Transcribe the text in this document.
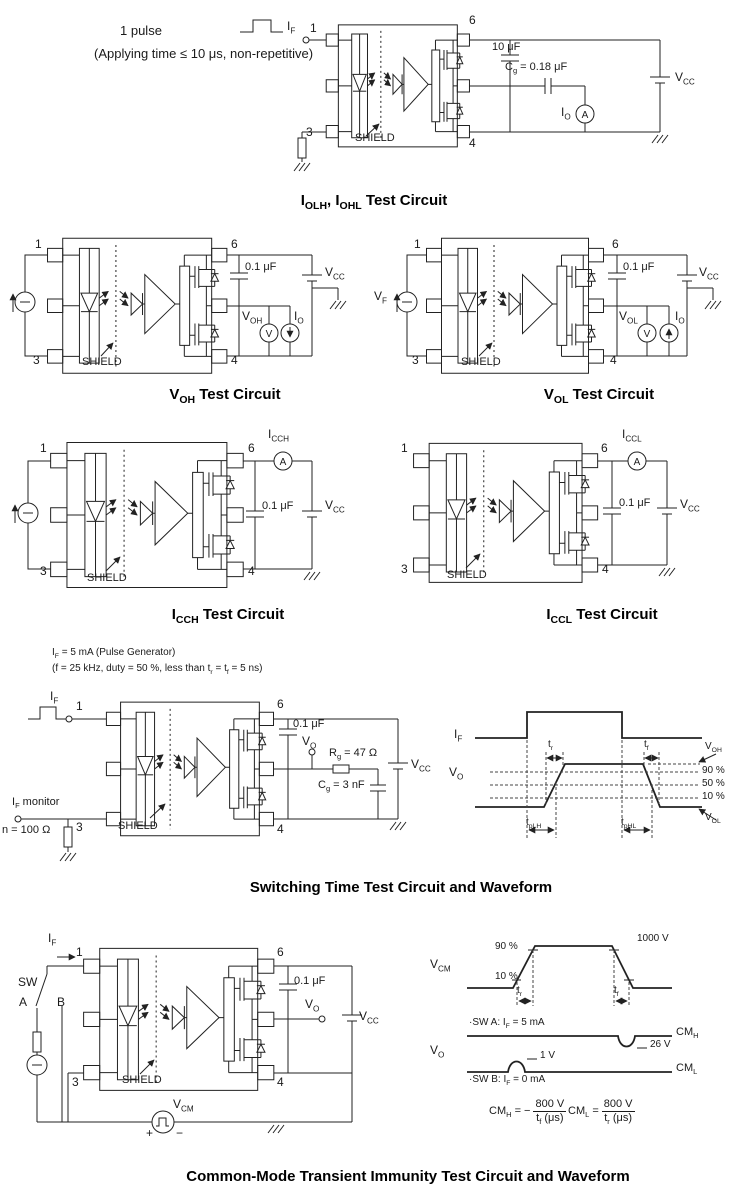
A
V	V
A	A
1 pulse
(Applying time ≤ 10 μs, non-repetitive)
$I_F$ 1
3
6
4
SHIELD
10 μF
$C_g = 0.18$ μF
$I_O$
$V_{CC}$
$I_{OLH}$, $I_{OHL}$ Test Circuit
1
3
6
4
SHIELD
0.1 μF
$V_{OH}$	$I_O$
$V_{CC}$
$V_{OH}$ Test Circuit
$V_F$
1
3
6
4
SHIELD
0.1 μF
$V_{OL}$	$I_O$
$V_{CC}$
$V_{OL}$ Test Circuit
1
3
6
4
SHIELD
$I_{CCH}$
0.1 μF	$V_{CC}$
$I_{CCH}$ Test Circuit
1
3
6
4
SHIELD
$I_{CCL}$
0.1 μF $V_{CC}$
$I_{CCL}$ Test Circuit
$I_F = 5$ mA (Pulse Generator)
(f = 25 kHz, duty = 50 %, less than $t_r = t_f = 5$ ns)
$I_F$ 1
$I_F$ monitor
n = 100 Ω 3	SHIELD
6
0.1 μF
$V_O$
$R_g = 47$ Ω
$C_g = 3$ nF
$V_{CC}$
4
$I_F$
$V_O$
$t_r$	$t_f$	$V_{OH}$
90 %
50 %
10 %
$V_{OL}$
$t_{pLH}$	$t_{pHL}$
Switching Time Test Circuit and Waveform
$I_F$
1
SW
A B
3	SHIELD
6
0.1 μF
$V_O$
$V_{CC}$
4
$V_{CM}$
+ −
$V_{CM}$
90 %
10 %
1000 V
$t_r$	$t_f$
·SW A: $I_F = 5$ mA
$CM_H$
26 V
$V_O$	1 V
·SW B: $I_F = 0$ mA
$CM_L$
$CM_H$ = − $\frac{800 V}{t_f (\mu s)} CM_L = \frac{800 V}{t_r (\mu s)}$
Common-Mode Transient Immunity Test Circuit and Waveform
